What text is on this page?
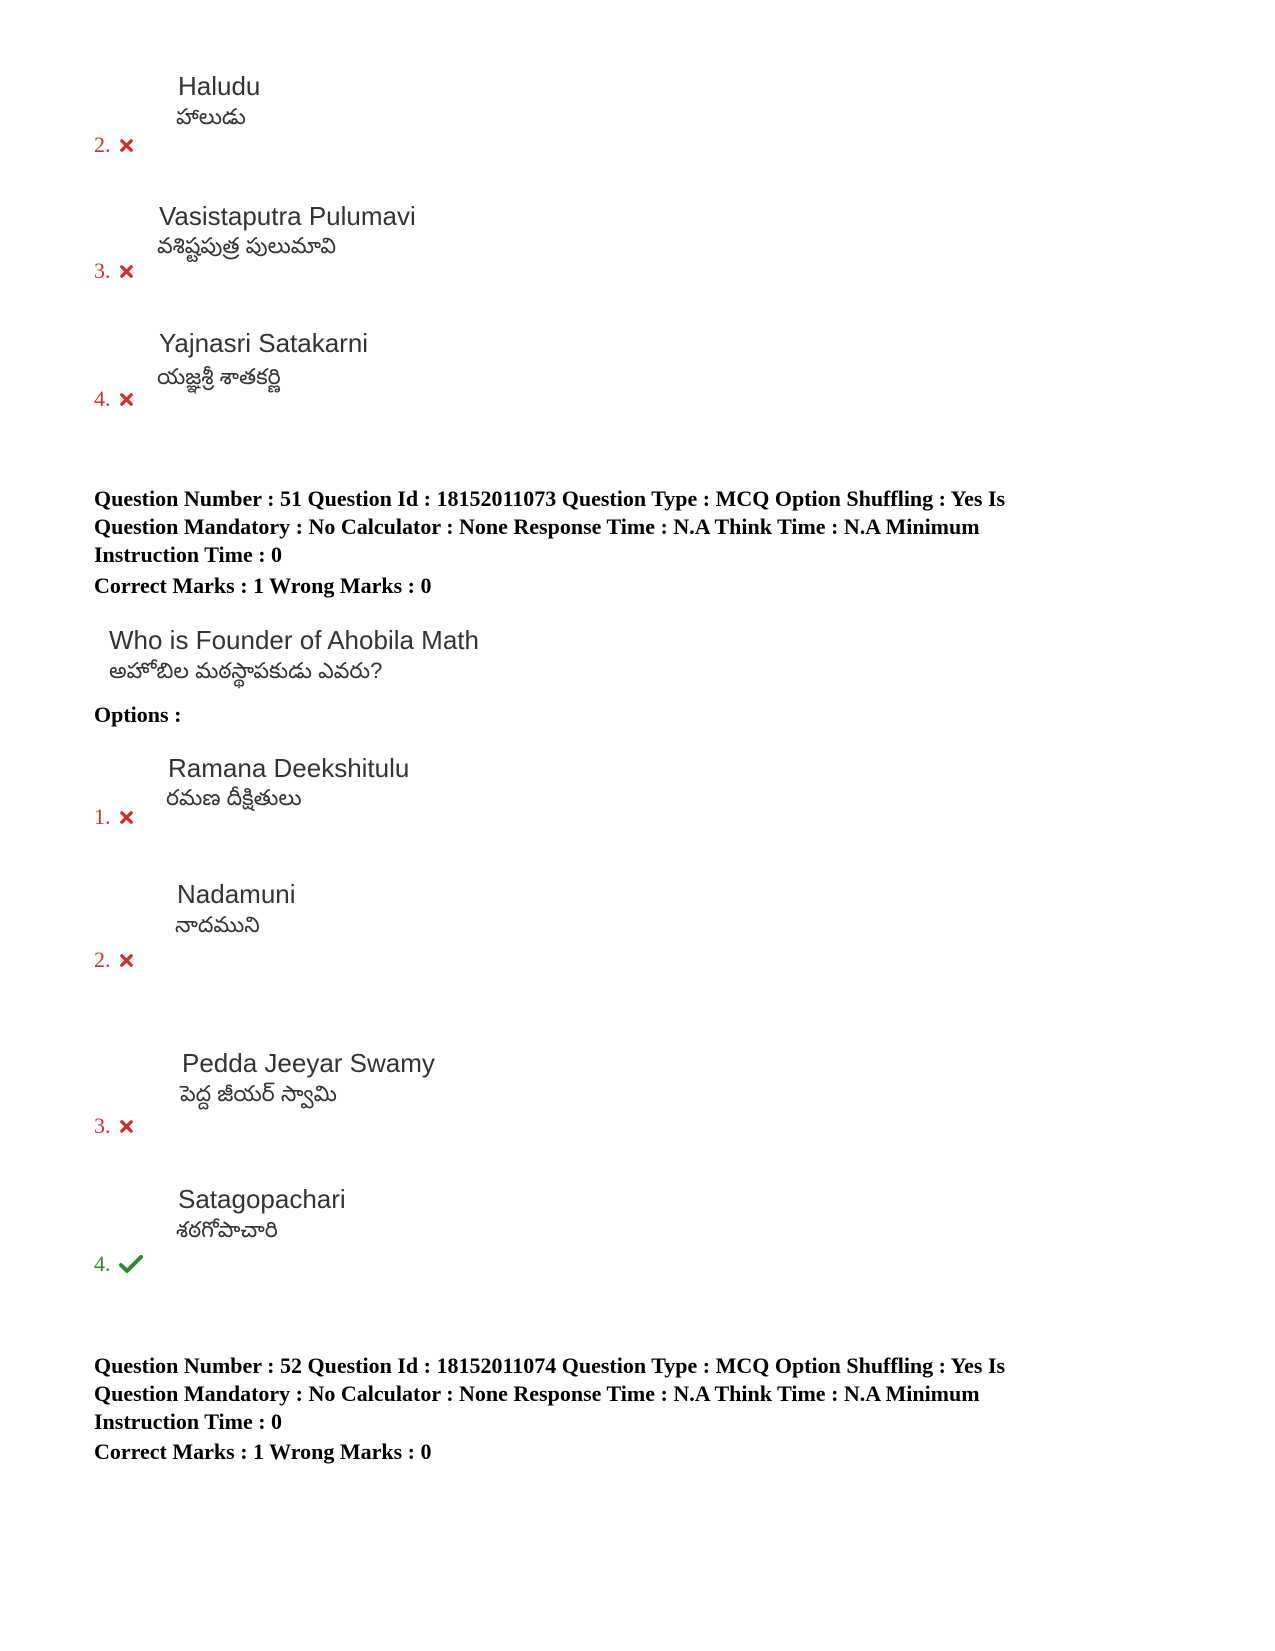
Haludu
హాలుడు
2.
Vasistaputra Pulumavi
వశిష్టపుత్ర పులుమావి
3.
Yajnasri Satakarni
యజ్ఞశ్రీ శాతకర్ణి
4.
Question Number : 51 Question Id : 18152011073 Question Type : MCQ Option Shuffling : Yes Is
Question Mandatory : No Calculator : None Response Time : N.A Think Time : N.A Minimum
Instruction Time : 0
Correct Marks : 1 Wrong Marks : 0
Who is Founder of Ahobila Math
అహోబిల మఠస్థాపకుడు ఎవరు?
Options :
Ramana Deekshitulu
రమణ దీక్షితులు
1.
Nadamuni
నాదముని
2.
Pedda Jeeyar Swamy
పెద్ద జీయర్ స్వామి
3.
Satagopachari
శఠగోపాచారి
4.
Question Number : 52 Question Id : 18152011074 Question Type : MCQ Option Shuffling : Yes Is
Question Mandatory : No Calculator : None Response Time : N.A Think Time : N.A Minimum
Instruction Time : 0
Correct Marks : 1 Wrong Marks : 0
